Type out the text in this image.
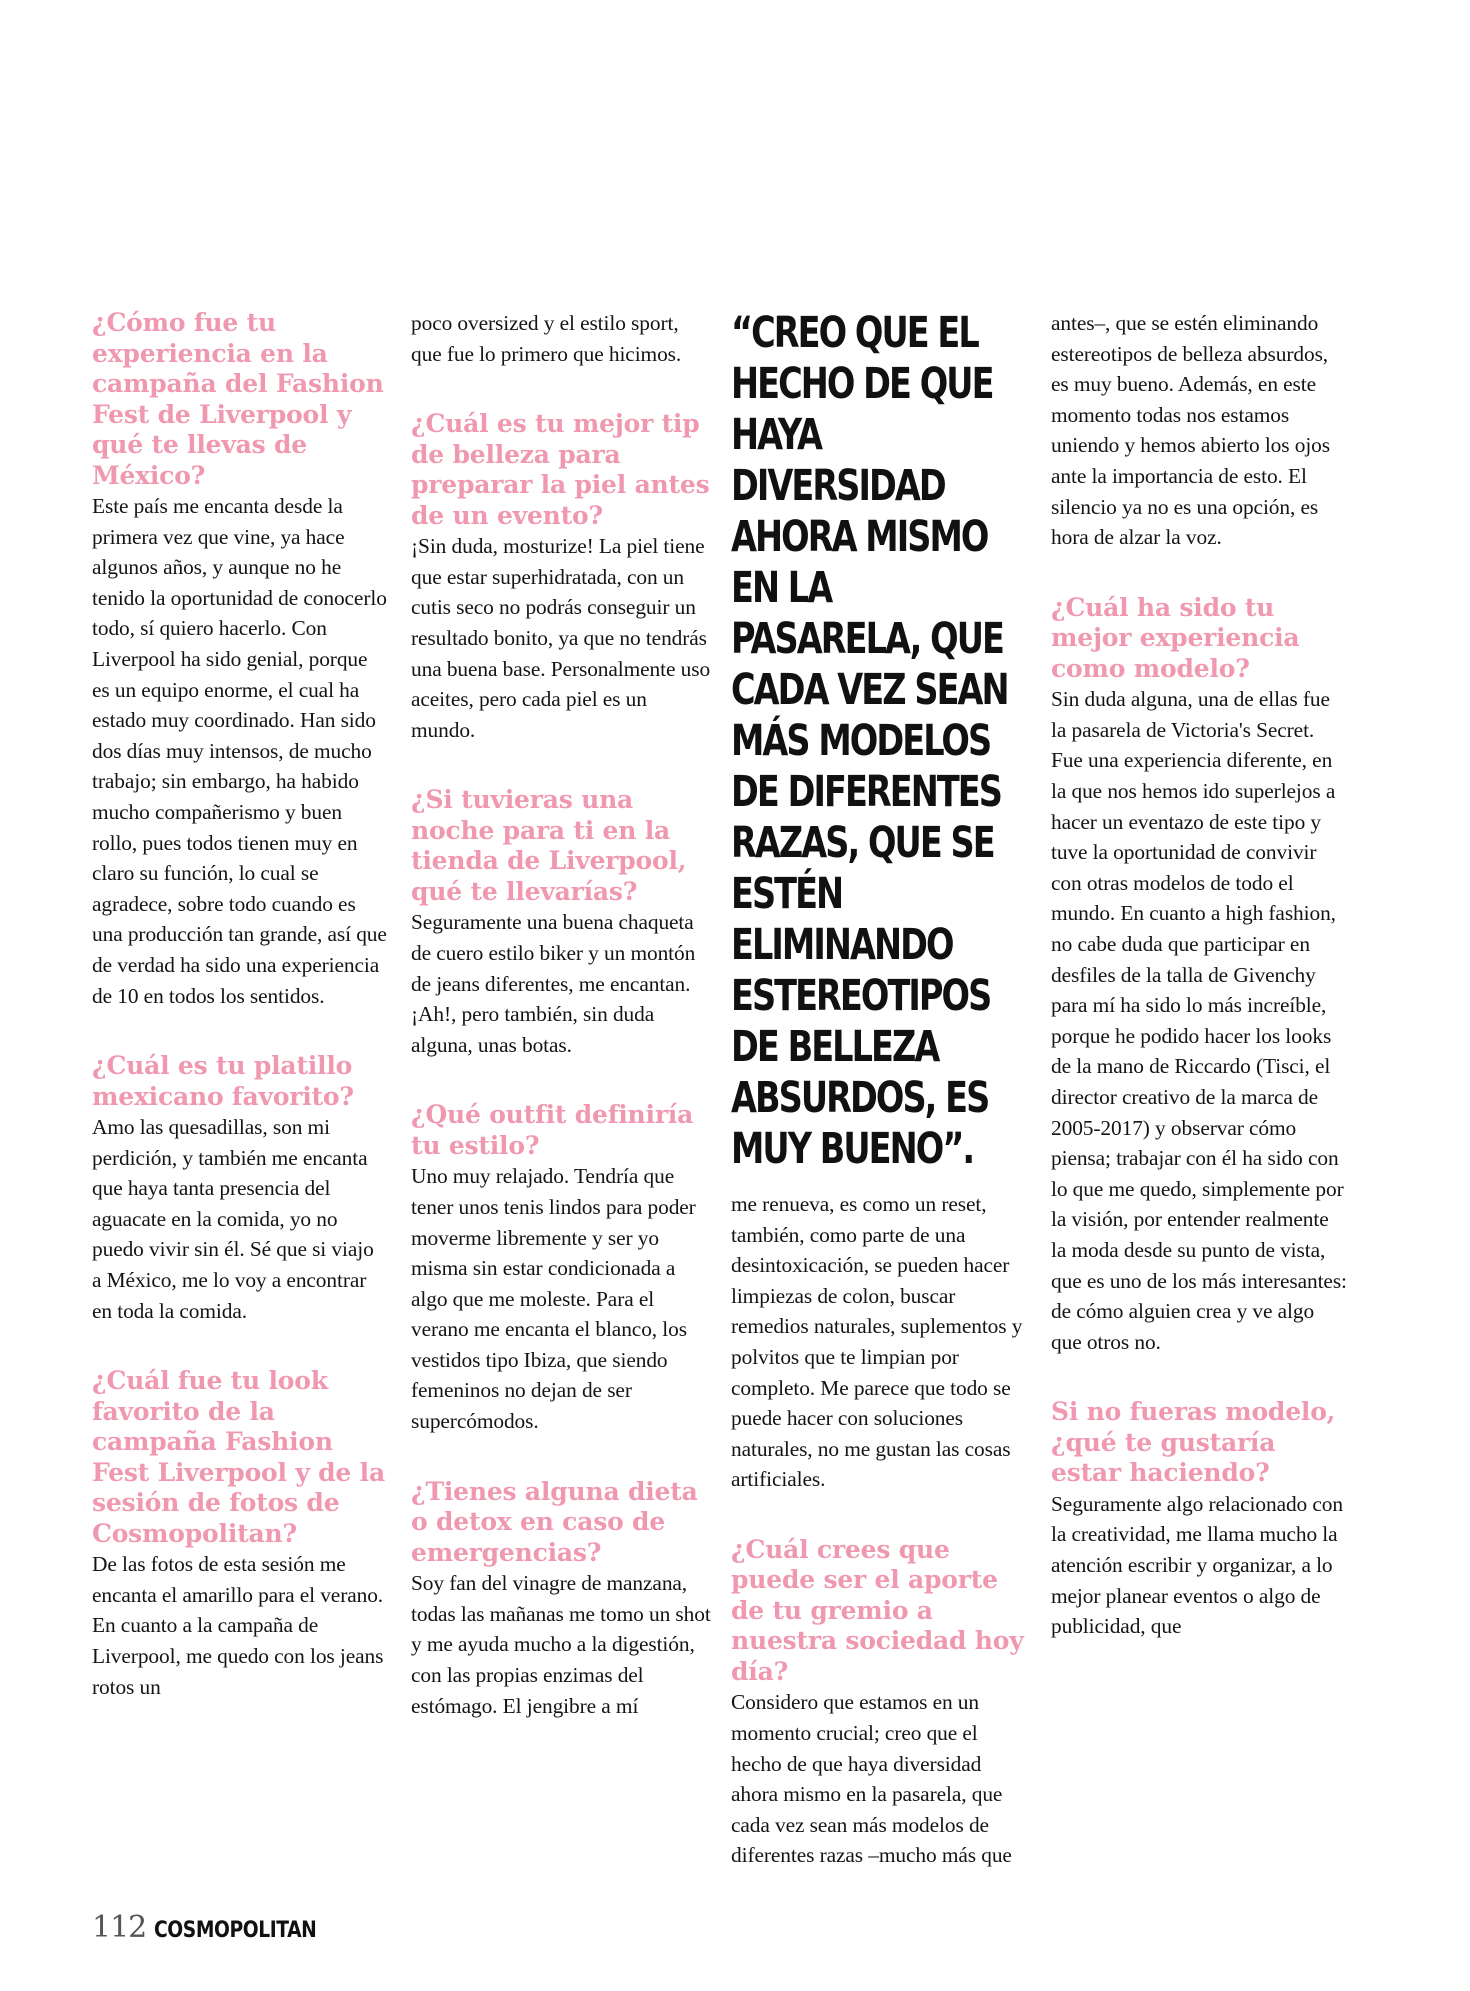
¿Cómo fue tu experiencia en la campaña del Fashion Fest de Liverpool y qué te llevas de México?

Este país me encanta desde la primera vez que vine, ya hace algunos años, y aunque no he tenido la oportunidad de conocerlo todo, sí quiero hacerlo. Con Liverpool ha sido genial, porque es un equipo enorme, el cual ha estado muy coordinado. Han sido dos días muy intensos, de mucho trabajo; sin embargo, ha habido mucho compañerismo y buen rollo, pues todos tienen muy en claro su función, lo cual se agradece, sobre todo cuando es una producción tan grande, así que de verdad ha sido una experiencia de 10 en todos los sentidos.

¿Cuál es tu platillo mexicano favorito?

Amo las quesadillas, son mi perdición, y también me encanta que haya tanta presencia del aguacate en la comida, yo no puedo vivir sin él. Sé que si viajo a México, me lo voy a encontrar en toda la comida.

¿Cuál fue tu look favorito de la campaña Fashion Fest Liverpool y de la sesión de fotos de Cosmopolitan?

De las fotos de esta sesión me encanta el amarillo para el verano. En cuanto a la campaña de Liverpool, me quedo con los jeans rotos un

poco oversized y el estilo sport, que fue lo primero que hicimos.

¿Cuál es tu mejor tip de belleza para preparar la piel antes de un evento?

¡Sin duda, mosturize! La piel tiene que estar superhidratada, con un cutis seco no podrás conseguir un resultado bonito, ya que no tendrás una buena base. Personalmente uso aceites, pero cada piel es un mundo.

¿Si tuvieras una noche para ti en la tienda de Liverpool, qué te llevarías?

Seguramente una buena chaqueta de cuero estilo biker y un montón de jeans diferentes, me encantan. ¡Ah!, pero también, sin duda alguna, unas botas.

¿Qué outfit definiría tu estilo?

Uno muy relajado. Tendría que tener unos tenis lindos para poder moverme libremente y ser yo misma sin estar condicionada a algo que me moleste. Para el verano me encanta el blanco, los vestidos tipo Ibiza, que siendo femeninos no dejan de ser supercómodos.

¿Tienes alguna dieta o detox en caso de emergencias?

Soy fan del vinagre de manzana, todas las mañanas me tomo un shot y me ayuda mucho a la digestión, con las propias enzimas del estómago. El jengibre a mí

“CREO QUE EL HECHO DE QUE HAYA DIVERSIDAD AHORA MISMO EN LA PASARELA, QUE CADA VEZ SEAN MÁS MODELOS DE DIFERENTES RAZAS, QUE SE ESTÉN ELIMINANDO ESTEREOTIPOS DE BELLEZA ABSURDOS, ES MUY BUENO”.

me renueva, es como un reset, también, como parte de una desintoxicación, se pueden hacer limpiezas de colon, buscar remedios naturales, suplementos y polvitos que te limpian por completo. Me parece que todo se puede hacer con soluciones naturales, no me gustan las cosas artificiales.

¿Cuál crees que puede ser el aporte de tu gremio a nuestra sociedad hoy día?

Considero que estamos en un momento crucial; creo que el hecho de que haya diversidad ahora mismo en la pasarela, que cada vez sean más modelos de diferentes razas –mucho más que

antes–, que se estén eliminando estereotipos de belleza absurdos, es muy bueno. Además, en este momento todas nos estamos uniendo y hemos abierto los ojos ante la importancia de esto. El silencio ya no es una opción, es hora de alzar la voz.

¿Cuál ha sido tu mejor experiencia como modelo?

Sin duda alguna, una de ellas fue la pasarela de Victoria's Secret. Fue una experiencia diferente, en la que nos hemos ido superlejos a hacer un eventazo de este tipo y tuve la oportunidad de convivir con otras modelos de todo el mundo. En cuanto a high fashion, no cabe duda que participar en desfiles de la talla de Givenchy para mí ha sido lo más increíble, porque he podido hacer los looks de la mano de Riccardo (Tisci, el director creativo de la marca de 2005-2017) y observar cómo piensa; trabajar con él ha sido con lo que me quedo, simplemente por la visión, por entender realmente la moda desde su punto de vista, que es uno de los más interesantes: de cómo alguien crea y ve algo que otros no.

Si no fueras modelo, ¿qué te gustaría estar haciendo?

Seguramente algo relacionado con la creatividad, me llama mucho la atención escribir y organizar, a lo mejor planear eventos o algo de publicidad, que

112 COSMOPOLITAN
